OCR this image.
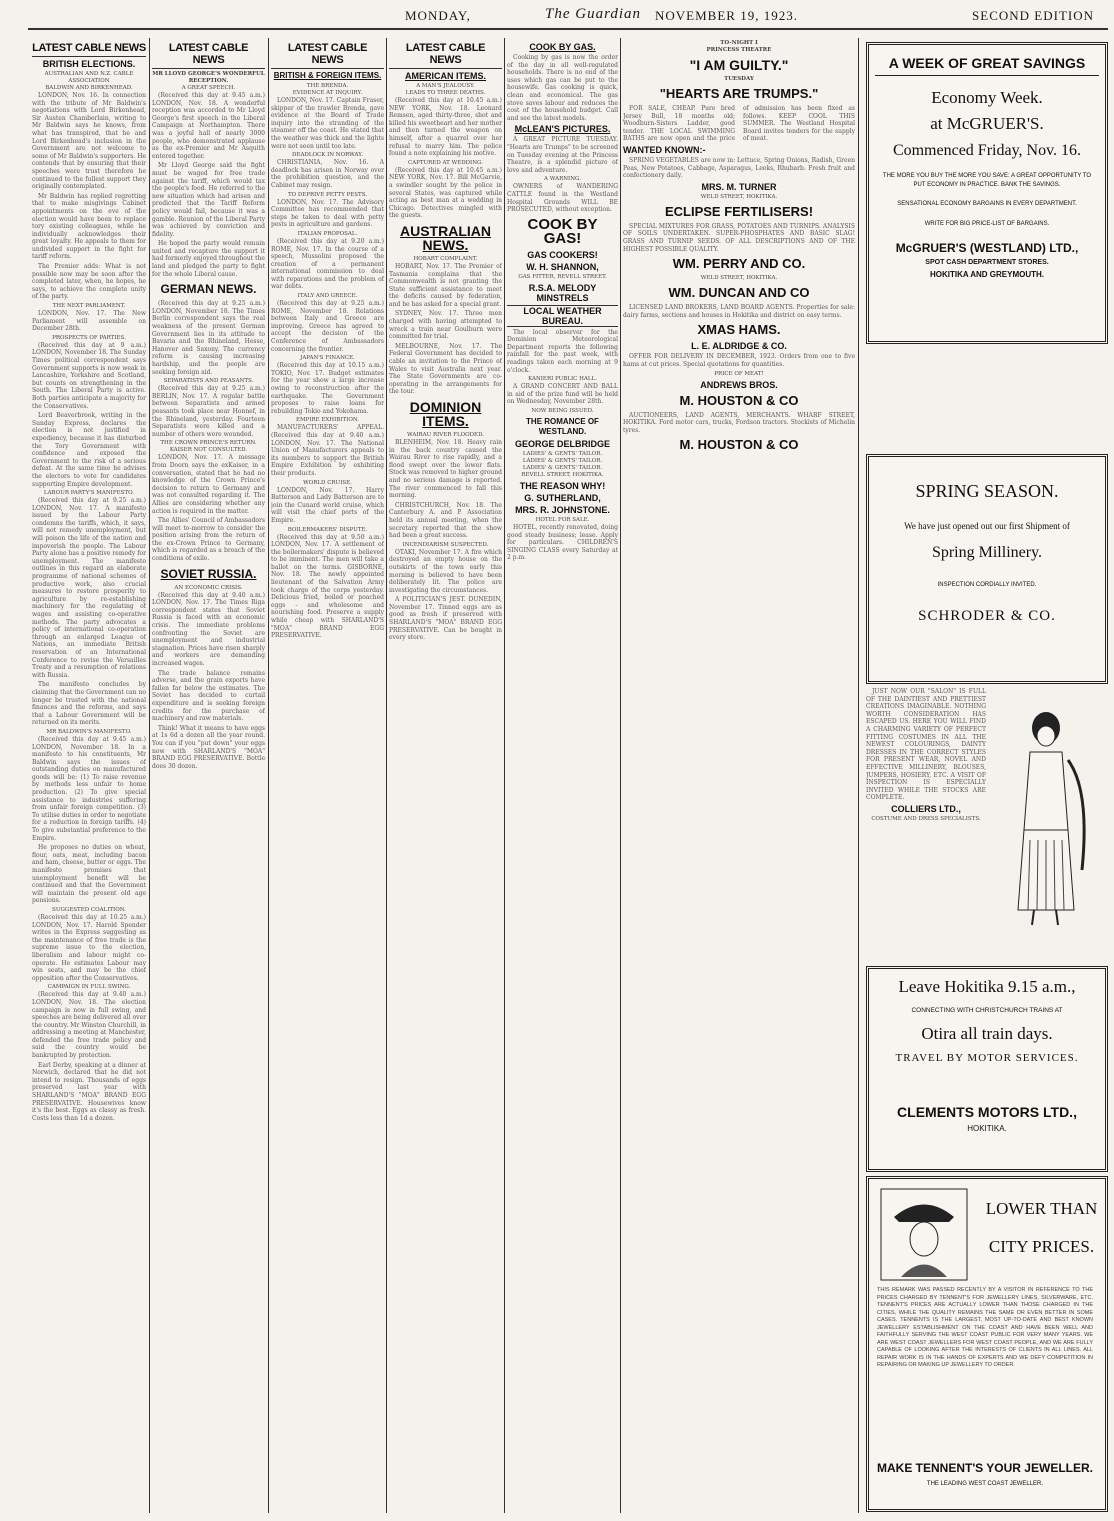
MONDAY,	The Guardian NOVEMBER 19, 1923.	SECOND EDITION
LATEST CABLE NEWS
BRITISH ELECTIONS.
AUSTRALIAN AND N.Z. CABLE ASSOCIATION
BALDWIN AND BIRKENHEAD.

LONDON, Nov. 16. In connection with the tribute of Mr Baldwin's negotiations with Lord Birkenhead, Sir Austen Chamberlain, writing to Mr Baldwin says he knows, from what has transpired, that he and Lord Birkenhead's inclusion in the Government are not welcome to some of Mr Baldwin's supporters. He contends that by ensuring that their speeches were trust therefore he continued to the fullest support they originally contemplated.

Mr Baldwin has replied regretting that to make misgivings Cabinet appointments on the eve of the election would have been to replace tory existing colleagues, while he individually acknowledges their great loyalty. He appeals to them for undivided support in the fight for tariff reform.

The Premier adds: What is not possible now may be soon after the completed later, when, he hopes, he says, to achieve the complete unity of the party.

THE NEXT PARLIAMENT.

LONDON, Nov. 17. The New Parliament will assemble on December 28th.

PROSPECTS OF PARTIES.

(Received this day at 9 a.m.) LONDON, November 18. The Sunday Times political correspondent says Government supports is now weak in Lancashire, Yorkshire and Scotland, but counts on strengthening in the South. The Liberal Party is active. Both parties anticipate a majority for the Conservatives.

Lord Beaverbrook, writing in the Sunday Express, declares the election is not justified in expediency, because it has disturbed the Tory Government with confidence and exposed the Government to the risk of a serious defeat. At the same time he advises the electors to vote for candidates supporting Empire development.

LABOUR PARTY'S MANIFESTO.

(Received this day at 9.25 a.m.) LONDON, Nov. 17. A manifesto issued by the Labour Party condemns the tariffs, which, it says, will not remedy unemployment, but will poison the life of the nation and impoverish the people. The Labour Party alone has a positive remedy for unemployment. The manifesto outlines in this regard an elaborate programme of national schemes of productive work, also crucial measures to restore prosperity to agriculture by re-establishing machinery for the regulating of wages and assisting co-operative methods. The party advocates a policy of international co-operation through an enlarged League of Nations, an immediate British reservation of an International Conference to revise the Versailles Treaty and a resumption of relations with Russia.

The manifesto concludes by claiming that the Government can no longer be trusted with the national finances and the reforms, and says that a Labour Government will be returned on its merits.

MR BALDWIN'S MANIFESTO.

(Received this day at 9.45 a.m.) LONDON, November 18. In a manifesto to his constituents, Mr Baldwin says the issues of outstanding duties on manufactured goods will be: (1) To raise revenue by methods less unfair to home production. (2) To give special assistance to industries suffering from unfair foreign competition. (3) To utilise duties in order to negotiate for a reduction in foreign tariffs. (4) To give substantial preference to the Empire.

He proposes no duties on wheat, flour, oats, meat, including bacon and ham, cheese, butter or eggs. The manifesto promises that unemployment benefit will be continued and that the Government will maintain the present old age pensions.

SUGGESTED COALITION.

(Received this day at 10.25 a.m.) LONDON, Nov. 17. Harold Spender writes in the Express suggesting as the maintenance of free trade is the supreme issue to the election, liberalism and labour might co-operate. He estimates Labour may win seats, and may be the chief opposition after the Conservatives.

CAMPAIGN IN FULL SWING.

(Received this day at 9.40 a.m.) LONDON, Nov. 18. The election campaign is now in full swing, and speeches are being delivered all over the country. Mr Winston Churchill, in addressing a meeting at Manchester, defended the free trade policy and said the country would be bankrupted by protection.

Earl Derby, speaking at a dinner at Norwich, declared that he did not intend to resign. Thousands of eggs preserved last year with SHARLAND'S "MOA" BRAND EGG PRESERVATIVE. Housewives know it's the best. Eggs as classy as fresh. Costs less than 1d a dozen.

LATEST CABLE NEWS
MR LLOYD GEORGE'S WONDERFUL RECEPTION.
A GREAT SPEECH.

(Received this day at 9.45 a.m.) LONDON, Nov. 18. A wonderful reception was accorded to Mr Lloyd George's first speech in the Liberal Campaign at Northampton. There was a joyful hall of nearly 3000 people, who demonstrated applause as the ex-Premier and Mr Asquith entered together.

Mr Lloyd George said the fight must be waged for free trade against the tariff, which would tax the people's food. He referred to the new situation which had arisen and predicted that the Tariff Reform policy would fail, because it was a gamble. Reunion of the Liberal Party was achieved by conviction and fidelity.

He hoped the party would remain united and recapture the support it had formerly enjoyed throughout the land and pledged the party to fight for the whole Liberal cause.

GERMAN NEWS.

(Received this day at 9.25 a.m.) LONDON, November 18. The Times Berlin correspondent says the real weakness of the present German Government lies in its attitude to Bavaria and the Rhineland, Hesse, Hanover and Saxony. The currency reform is causing increasing hardship, and the people are seeking foreign aid.

SEPARATISTS AND PEASANTS.

(Received this day at 9.25 a.m.) BERLIN, Nov. 17. A regular battle between Separatists and armed peasants took place near Honnef, in the Rhineland, yesterday. Fourteen Separatists were killed and a number of others were wounded.

THE CROWN PRINCE'S RETURN.
KAISER NOT CONSULTED.

LONDON, Nov. 17. A message from Doorn says the exKaiser, in a conversation, stated that he had no knowledge of the Crown Prince's decision to return to Germany and was not consulted regarding it. The Allies are considering whether any action is required in the matter.

The Allies' Council of Ambassadors will meet to-morrow to consider the position arising from the return of the ex-Crown Prince to Germany, which is regarded as a breach of the conditions of exile.

SOVIET RUSSIA.
AN ECONOMIC CRISIS.

(Received this day at 9.40 a.m.) LONDON, Nov. 17. The Times Riga correspondent states that Soviet Russia is faced with an economic crisis. The immediate problems confronting the Soviet are unemployment and industrial stagnation. Prices have risen sharply and workers are demanding increased wages.

The trade balance remains adverse, and the grain exports have fallen far below the estimates. The Soviet has decided to curtail expenditure and is seeking foreign credits for the purchase of machinery and raw materials.

Think! What it means to have eggs at 1s 6d a dozen all the year round. You can if you "put down" your eggs now with SHARLAND'S "MOA" BRAND EGG PRESERVATIVE. Bottle does 30 dozen.

LATEST CABLE NEWS
BRITISH & FOREIGN ITEMS.
THE BRENDA.
EVIDENCE AT INQUIRY.

LONDON, Nov. 17. Captain Fraser, skipper of the trawler Brenda, gave evidence at the Board of Trade inquiry into the stranding of the steamer off the coast. He stated that the weather was thick and the lights were not seen until too late.

DEADLOCK IN NORWAY.

CHRISTIANIA, Nov. 16. A deadlock has arisen in Norway over the prohibition question, and the Cabinet may resign.

TO DEPRIVE PETTY PESTS.

LONDON, Nov. 17. The Advisory Committee has recommended that steps be taken to deal with petty pests in agriculture and gardens.

ITALIAN PROPOSAL.

(Received this day at 9.20 a.m.) ROME, Nov. 17. In the course of a speech, Mussolini proposed the creation of a permanent international commission to deal with reparations and the problem of war debts.

ITALY AND GREECE.

(Received this day at 9.25 a.m.) ROME, November 18. Relations between Italy and Greece are improving. Greece has agreed to accept the decision of the Conference of Ambassadors concerning the frontier.

JAPAN'S FINANCE.

(Received this day at 10.15 a.m.) TOKIO, Nov. 17. Budget estimates for the year show a large increase owing to reconstruction after the earthquake. The Government proposes to raise loans for rebuilding Tokio and Yokohama.

EMPIRE EXHIBITION.

MANUFACTURERS' APPEAL. (Received this day at 9.40 a.m.) LONDON, Nov. 17. The National Union of Manufacturers appeals to its members to support the British Empire Exhibition by exhibiting their products.

WORLD CRUISE.

LONDON, Nov. 17. Harry Batterson and Lady Batterson are to join the Cunard world cruise, which will visit the chief ports of the Empire.

BOILERMAKERS' DISPUTE.

(Received this day at 9.50 a.m.) LONDON, Nov. 17. A settlement of the boilermakers' dispute is believed to be imminent. The men will take a ballot on the terms. GISBORNE, Nov. 18. The newly appointed lieutenant of the Salvation Army took charge of the corps yesterday. Delicious fried, boiled or poached eggs - and wholesome and nourishing food. Preserve a supply while cheap with SHARLAND'S "MOA" BRAND EGG PRESERVATIVE.

LATEST CABLE NEWS
AMERICAN ITEMS.
A MAN'S JEALOUSY.
LEADS TO THREE DEATHS.

(Received this day at 10.45 a.m.) NEW YORK, Nov. 18. Leonard Remsen, aged thirty-three, shot and killed his sweetheart and her mother and then turned the weapon on himself, after a quarrel over her refusal to marry him. The police found a note explaining his motive.

CAPTURED AT WEDDING.

(Received this day at 10.45 a.m.) NEW YORK, Nov. 17. Bill McGarvie, a swindler sought by the police in several States, was captured while acting as best man at a wedding in Chicago. Detectives mingled with the guests.

AUSTRALIAN NEWS.
HOBART COMPLAINT.

HOBART, Nov. 17. The Premier of Tasmania complains that the Commonwealth is not granting the State sufficient assistance to meet the deficits caused by federation, and he has asked for a special grant.

SYDNEY, Nov. 17. Three men charged with having attempted to wreck a train near Goulburn were committed for trial.

MELBOURNE, Nov. 17. The Federal Government has decided to cable an invitation to the Prince of Wales to visit Australia next year. The State Governments are co-operating in the arrangements for the tour.

DOMINION ITEMS.
WAIRAU RIVER FLOODED.

BLENHEIM, Nov. 18. Heavy rain in the back country caused the Wairau River to rise rapidly, and a flood swept over the lower flats. Stock was removed to higher ground and no serious damage is reported. The river commenced to fall this morning.

CHRISTCHURCH, Nov. 18. The Canterbury A. and P. Association held its annual meeting, when the secretary reported that the show had been a great success.

INCENDIARISM SUSPECTED.

OTAKI, November 17. A fire which destroyed an empty house on the outskirts of the town early this morning is believed to have been deliberately lit. The police are investigating the circumstances.

A POLITICIAN'S JEST. DUNEDIN, November 17. Tinned eggs are as good as fresh if preserved with SHARLAND'S "MOA" BRAND EGG PRESERVATIVE. Can be bought in every store.

COOK BY GAS.

Cooking by gas is now the order of the day in all well-regulated households. There is no end of the uses which gas can be put to the housewife. Gas cooking is quick, clean and economical. The gas stove saves labour and reduces the cost of the household budget. Call and see the latest models.

McLEAN'S PICTURES.

A GREAT PICTURE TUESDAY. "Hearts are Trumps" to be screened on Tuesday evening at the Princess Theatre, is a splendid picture of love and adventure.

A WARNING.

OWNERS of WANDERING CATTLE found in the Westland Hospital Grounds WILL BE PROSECUTED, without exception.

COOK BY GAS!
GAS COOKERS!
W. H. SHANNON,
GAS FITTER, REVELL STREET.
R.S.A. MELODY MINSTRELS
LOCAL WEATHER BUREAU.

The local observer for the Dominion Meteorological Department reports the following rainfall for the past week, with readings taken each morning at 9 o'clock.

KANIERI PUBLIC HALL.

A GRAND CONCERT AND BALL in aid of the prize fund will be held on Wednesday, November 28th.

NOW BEING ISSUED.
THE ROMANCE OF WESTLAND.
GEORGE DELBRIDGE
LADIES' & GENTS' TAILOR.
LADIES' & GENTS' TAILOR.
LADIES' & GENTS' TAILOR.
REVELL STREET, HOKITIKA.
THE REASON WHY!
G. SUTHERLAND,
MRS. R. JOHNSTONE.
HOTEL FOR SALE.

HOTEL, recently renovated, doing good steady business; lease. Apply for particulars. CHILDREN'S SINGING CLASS every Saturday at 2 p.m.

TO-NIGHT I
PRINCESS THEATRE
"I AM GUILTY."
TUESDAY
"HEARTS ARE TRUMPS."

FOR SALE, CHEAP. Pure bred Jersey Bull, 18 months old; Woodburn-Sisters Ladder, good tender. THE LOCAL SWIMMING BATHS are now open and the price of admission has been fixed as follows. KEEP COOL THIS SUMMER. The Westland Hospital Board invites tenders for the supply of meat.

WANTED KNOWN:-

SPRING VEGETABLES are now in: Lettuce, Spring Onions, Radish, Green Peas, New Potatoes, Cabbage, Asparagus, Leeks, Rhubarb. Fresh fruit and confectionery daily.

MRS. M. TURNER
WELD STREET, HOKITIKA.
ECLIPSE FERTILISERS!

SPECIAL MIXTURES FOR GRASS, POTATOES AND TURNIPS. ANALYSIS OF SOILS UNDERTAKEN. SUPER-PHOSPHATES AND BASIC SLAG! GRASS AND TURNIP SEEDS. OF ALL DESCRIPTIONS AND OF THE HIGHEST POSSIBLE QUALITY.

WM. PERRY AND CO.
WELD STREET, HOKITIKA.
WM. DUNCAN AND CO

LICENSED LAND BROKERS, LAND BOARD AGENTS. Properties for sale: dairy farms, sections and houses in Hokitika and district on easy terms.

XMAS HAMS.
L. E. ALDRIDGE & CO.

OFFER FOR DELIVERY IN DECEMBER, 1923. Orders from one to five hams at cut prices. Special quotations for quantities.

PRICE OF MEAT!
ANDREWS BROS.
M. HOUSTON & CO

AUCTIONEERS, LAND AGENTS, MERCHANTS. WHARF STREET, HOKITIKA. Ford motor cars, trucks, Fordson tractors. Stockists of Michelin tyres.

M. HOUSTON & CO
A WEEK OF GREAT SAVINGS
Economy Week.
at McGRUER'S.
Commenced Friday, Nov. 16.
THE MORE YOU BUY THE MORE YOU SAVE: A GREAT OPPORTUNITY TO PUT ECONOMY IN PRACTICE. BANK THE SAVINGS.
SENSATIONAL ECONOMY BARGAINS IN EVERY DEPARTMENT.
WRITE FOR BIG PRICE-LIST OF BARGAINS.
McGRUER'S (WESTLAND) LTD.,
SPOT CASH DEPARTMENT STORES.
HOKITIKA AND GREYMOUTH.
SPRING SEASON.
We have just opened out our first Shipment of
Spring Millinery.
INSPECTION CORDIALLY INVITED.
SCHRODER & CO.

JUST NOW OUR "SALON" IS FULL OF THE DAINTIEST AND PRETTIEST CREATIONS IMAGINABLE. NOTHING WORTH CONSIDERATION HAS ESCAPED US. HERE YOU WILL FIND A CHARMING VARIETY OF PERFECT FITTING COSTUMES IN ALL THE NEWEST COLOURINGS, DAINTY DRESSES IN THE CORRECT STYLES FOR PRESENT WEAR, NOVEL AND EFFECTIVE MILLINERY, BLOUSES, JUMPERS, HOSIERY, ETC. A VISIT OF INSPECTION IS ESPECIALLY INVITED WHILE THE STOCKS ARE COMPLETE.

COLLIERS LTD.,
COSTUME AND DRESS SPECIALISTS.
Leave Hokitika 9.15 a.m.,
CONNECTING WITH CHRISTCHURCH TRAINS AT
Otira all train days.
TRAVEL BY MOTOR SERVICES.
CLEMENTS MOTORS LTD.,
HOKITIKA.
LOWER THAN
CITY PRICES.
THIS REMARK WAS PASSED RECENTLY BY A VISITOR IN REFERENCE TO THE PRICES CHARGED BY TENNENT'S FOR JEWELLERY LINES, SILVERWARE, ETC. TENNENT'S PRICES ARE ACTUALLY LOWER THAN THOSE CHARGED IN THE CITIES, WHILE THE QUALITY REMAINS THE SAME OR EVEN BETTER IN SOME CASES. TENNENTS IS THE LARGEST, MOST UP-TO-DATE AND BEST KNOWN JEWELLERY ESTABLISHMENT ON THE COAST AND HAVE BEEN WELL AND FAITHFULLY SERVING THE WEST COAST PUBLIC FOR VERY MANY YEARS. WE ARE WEST COAST JEWELLERS FOR WEST COAST PEOPLE, AND WE ARE FULLY CAPABLE OF LOOKING AFTER THE INTERESTS OF CLIENTS IN ALL LINES. ALL REPAIR WORK IS IN THE HANDS OF EXPERTS AND WE DEFY COMPETITION IN REPAIRING OR MAKING UP JEWELLERY TO ORDER.
MAKE TENNENT'S YOUR JEWELLER.
THE LEADING WEST COAST JEWELLER.
